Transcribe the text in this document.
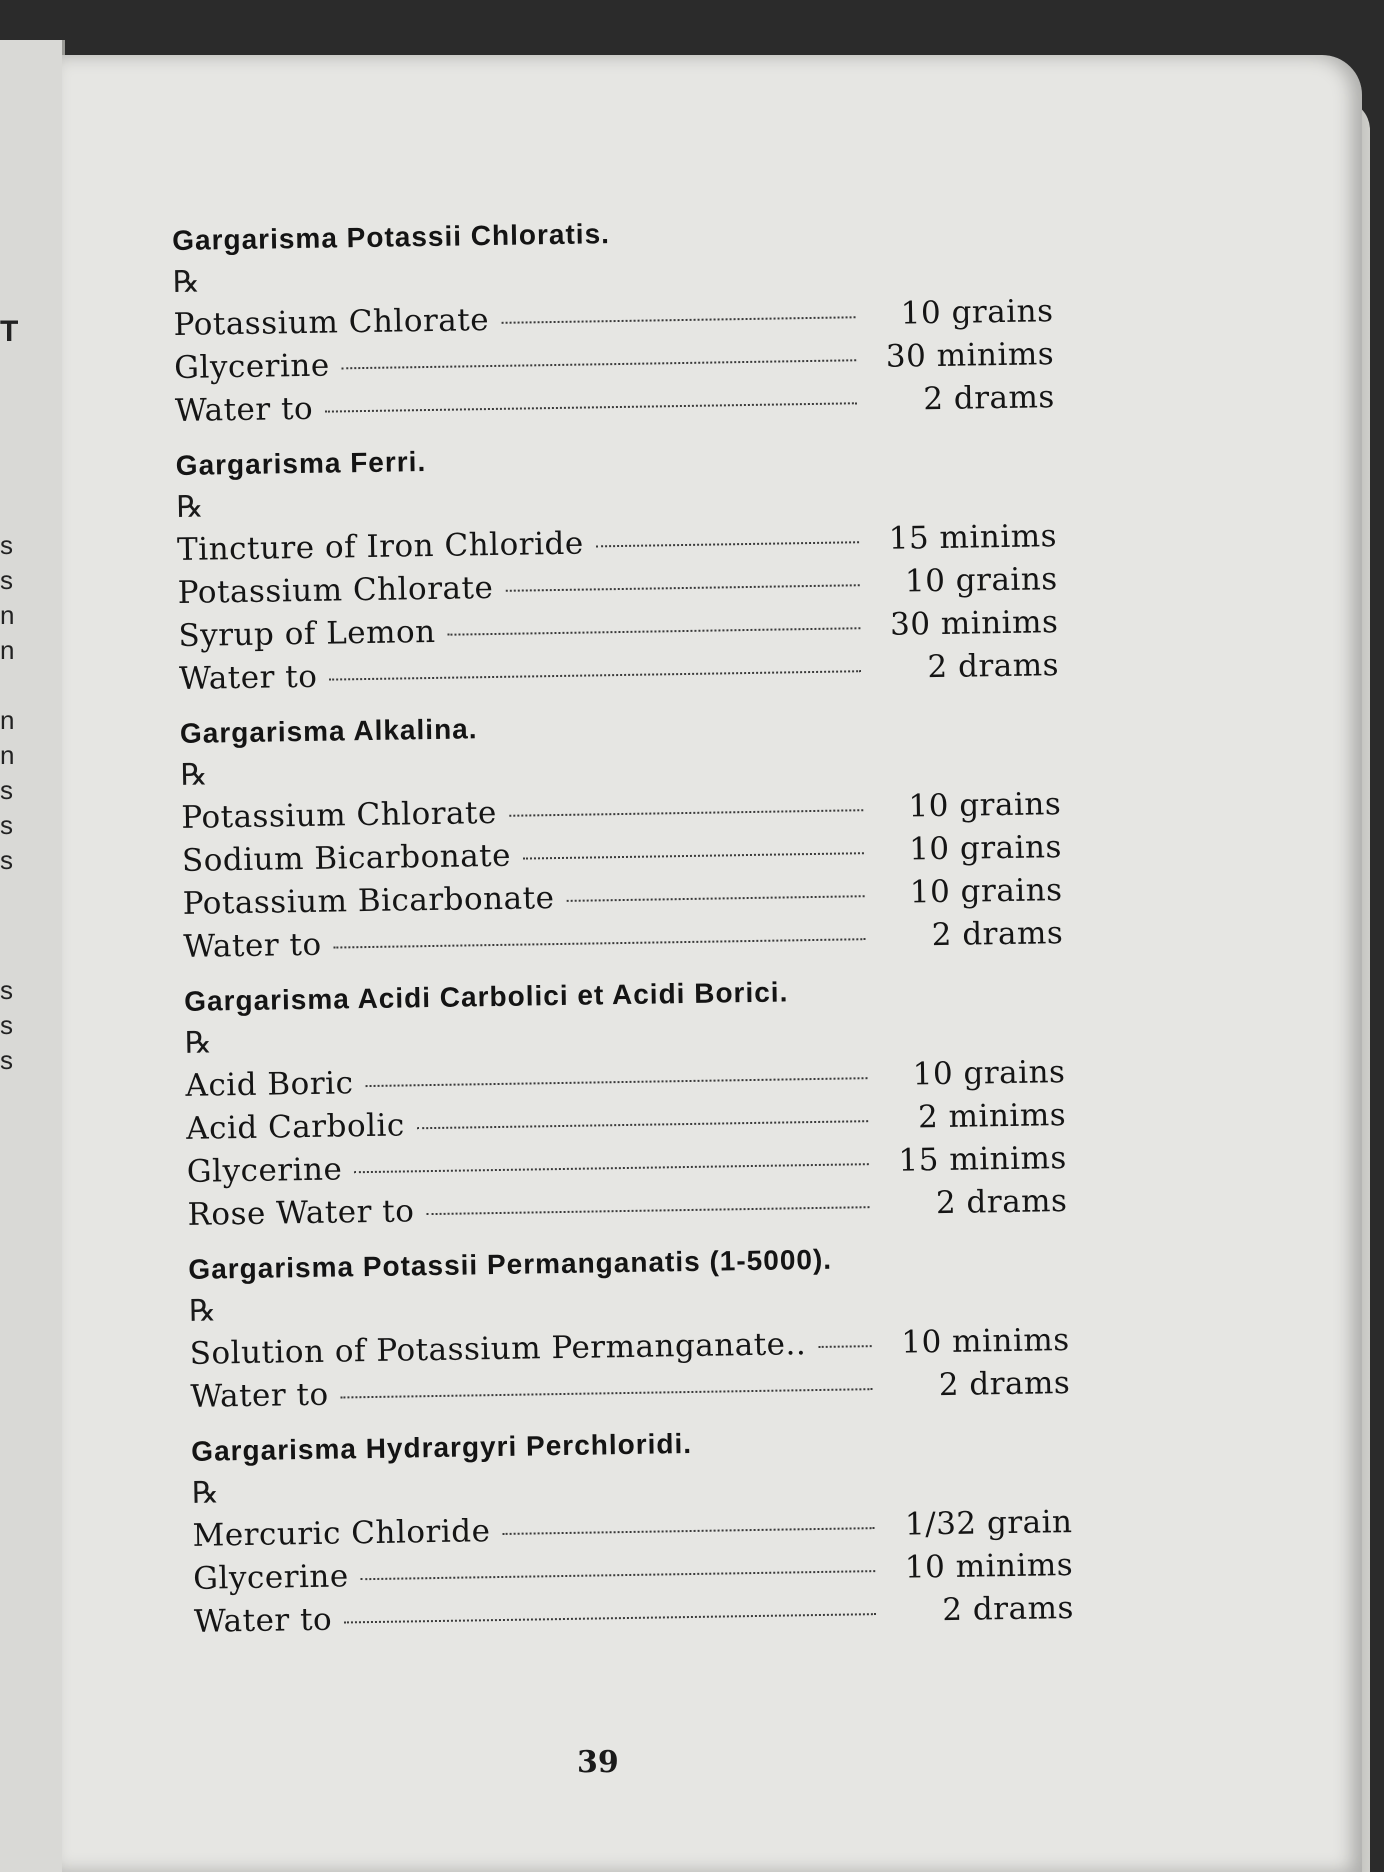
T
s
s
n
n
n
n
s
s
s
s
s
s
Gargarisma Potassii Chloratis.
℞
Potassium Chlorate	10 grains
Glycerine	30 minims
Water to	2 drams
Gargarisma Ferri.
℞
Tincture of Iron Chloride	15 minims
Potassium Chlorate	10 grains
Syrup of Lemon	30 minims
Water to	2 drams
Gargarisma Alkalina.
℞
Potassium Chlorate	10 grains
Sodium Bicarbonate	10 grains
Potassium Bicarbonate	10 grains
Water to	2 drams
Gargarisma Acidi Carbolici et Acidi Borici.
℞
Acid Boric	10 grains
Acid Carbolic	2 minims
Glycerine	15 minims
Rose Water to	2 drams
Gargarisma Potassii Permanganatis (1-5000).
℞
Solution of Potassium Permanganate..	10 minims
Water to	2 drams
Gargarisma Hydrargyri Perchloridi.
℞
Mercuric Chloride	1/32 grain
Glycerine	10 minims
Water to	2 drams
39
